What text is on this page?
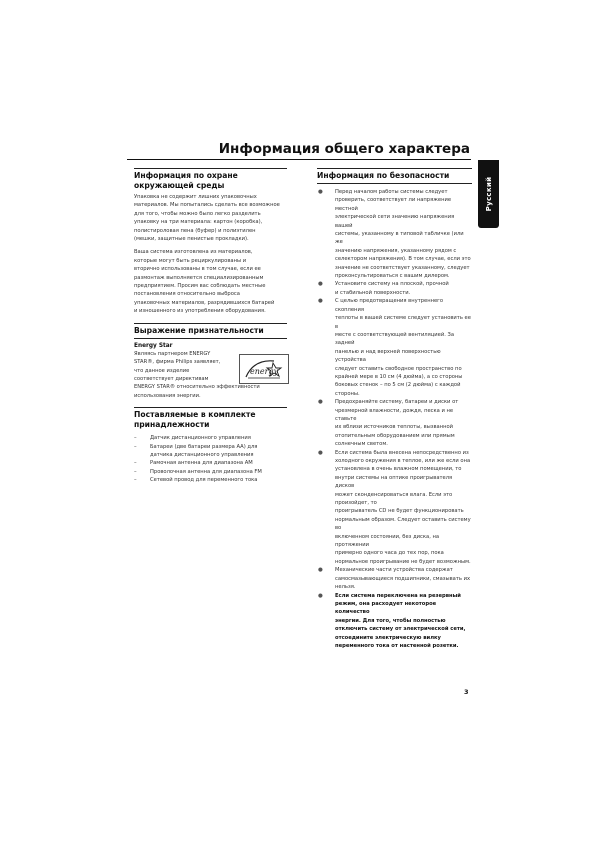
Информация общего характера
Русский
Информация по охране окружающей среды

Упаковка не содержит лишних упаковочных
материалов. Мы попытались сделать все возможное
для того, чтобы можно было легко разделить
упаковку на три материала: картон (коробка),
полистироловая пена (буфер) и полиэтилен
(мешки, защитные пенистые прокладки).

Ваша система изготовлена из материалов,
которые могут быть рециркулированы и
вторично использованы в том случае, если ее
размонтаж выполняется специализированным
предприятием. Просим вас соблюдать местные
постановления относительно выброса
упаковочных материалов, разрядившихся батарей
и изношенного из употребления оборудования.

Выражение признательности

Energy Star

Являясь партнером ENERGY
STAR®, фирма Philips заявляет,
что данное изделие
соответствует директивам
ENERGY STAR® относительно эффективности
использования энергии.

energy
Поставляемые в комплекте принадлежности
–	Датчик дистанционного управления
–	Батареи (две батареи размера AA) для
датчика дистанционного управления
–	Рамочная антенна для диапазона AM
–	Проволочная антенна для диапазона FM
–	Сетевой провод для переменного тока
Информация по безопасности
● Перед началом работы системы следует
проверить, соответствует ли напряжение местной
электрической сети значению напряжения вашей
системы, указанному в типовой табличке (или же
значению напряжения, указанному рядом с
селектором напряжения). В том случае, если это
значение не соответствует указанному, следует
проконсультироваться с вашим дилером.
● Установите систему на плоской, прочной
и стабильной поверхности.
● С целью предотвращения внутреннего скопления
теплоты в вашей системе следует установить ее в
месте с соответствующей вентиляцией. За задней
панелью и над верхней поверхностью устройства
следует оставить свободное пространство по
крайней мере в 10 см (4 дюйма), а со стороны
боковых стенок – по 5 см (2 дюйма) с каждой
стороны.
● Предохраняйте систему, батареи и диски от
чрезмерной влажности, дождя, песка и не ставьте
их вблизи источников теплоты, вызванной
отопительным оборудованием или прямым
солнечным светом.
● Если система была внесена непосредственно из
холодного окружения в теплое, или же если она
установлена в очень влажном помещении, то
внутри системы на оптике проигрывателя дисков
может сконденсироваться влага. Если это произойдет, то
проигрыватель CD не будет функционировать
нормальным образом. Следует оставить систему во
включенном состоянии, без диска, на протяжении
примерно одного часа до тех пор, пока
нормальное проигрывание не будет возможным.
● Механические части устройства содержат
самосмазывающиеся подшипники, смазывать их
нельзя.
● Если система переключена на резервный
режим, она расходует некоторое количество
энергии. Для того, чтобы полностью
отключить систему от электрической сети,
отсоедините электрическую вилку
переменного тока от настенной розетки.
3
